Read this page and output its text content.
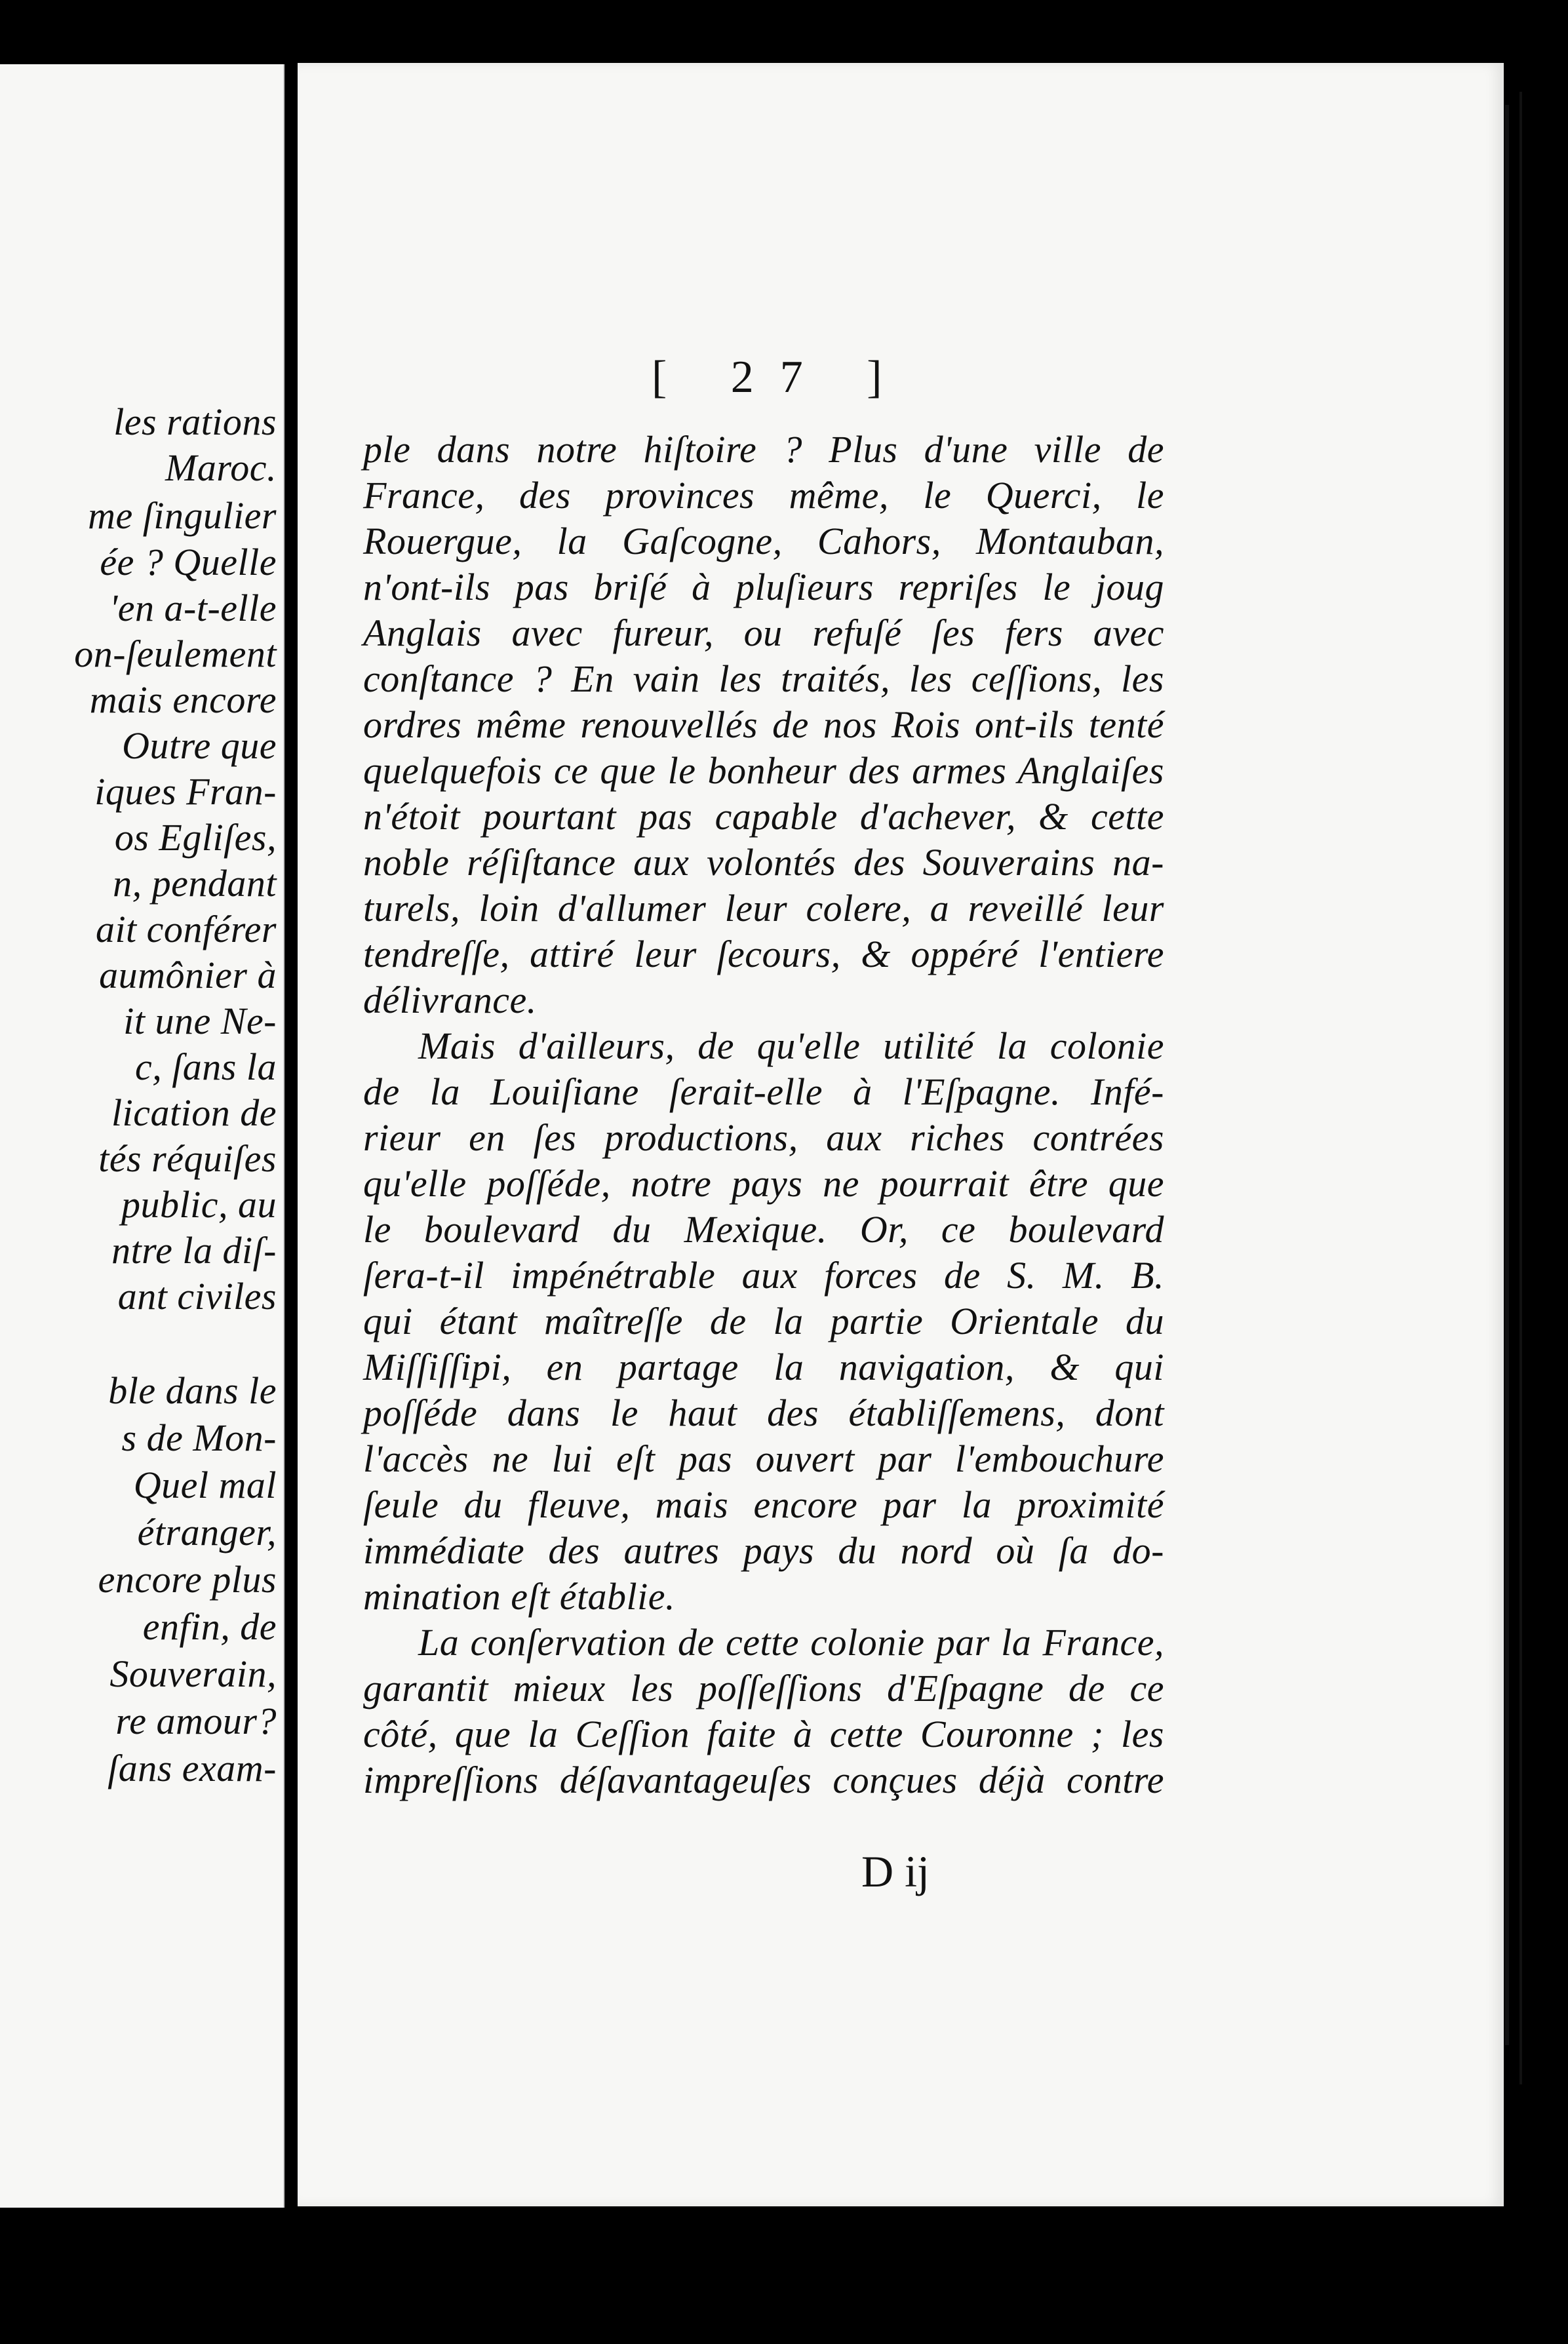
les rations
Maroc.
me ſingulier
ée ? Quelle
'en a-t-elle
on-ſeulement
mais encore
Outre que
iques Fran-
os Egliſes,
n, pendant
ait conférer
aumônier à
it une Ne-
c, ſans la
lication de
tés réquiſes
public, au
ntre la diſ-
ant civiles
ble dans le
s de Mon-
Quel mal
étranger,
encore plus
enfin, de
Souverain,
re amour?
ſans exam-
[ 27 ]
ple dans notre hiſtoire ? Plus d'une ville de
France, des provinces même, le Querci, le
Rouergue, la Gaſcogne, Cahors, Montauban,
n'ont-ils pas briſé à pluſieurs repriſes le joug
Anglais avec fureur, ou refuſé ſes fers avec
conſtance ? En vain les traités, les ceſſions, les
ordres même renouvellés de nos Rois ont-ils tenté
quelquefois ce que le bonheur des armes Anglaiſes
n'étoit pourtant pas capable d'achever, & cette
noble réſiſtance aux volontés des Souverains na-
turels, loin d'allumer leur colere, a reveillé leur
tendreſſe, attiré leur ſecours, & oppéré l'entiere
délivrance.
Mais d'ailleurs, de qu'elle utilité la colonie
de la Louiſiane ſerait-elle à l'Eſpagne. Infé-
rieur en ſes productions, aux riches contrées
qu'elle poſſéde, notre pays ne pourrait être que
le boulevard du Mexique. Or, ce boulevard
ſera-t-il impénétrable aux forces de S. M. B.
qui étant maîtreſſe de la partie Orientale du
Miſſiſſipi, en partage la navigation, & qui
poſſéde dans le haut des établiſſemens, dont
l'accès ne lui eſt pas ouvert par l'embouchure
ſeule du fleuve, mais encore par la proximité
immédiate des autres pays du nord où ſa do-
mination eſt établie.
La conſervation de cette colonie par la France,
garantit mieux les poſſeſſions d'Eſpagne de ce
côté, que la Ceſſion faite à cette Couronne ; les
impreſſions déſavantageuſes conçues déjà contre
D ij
